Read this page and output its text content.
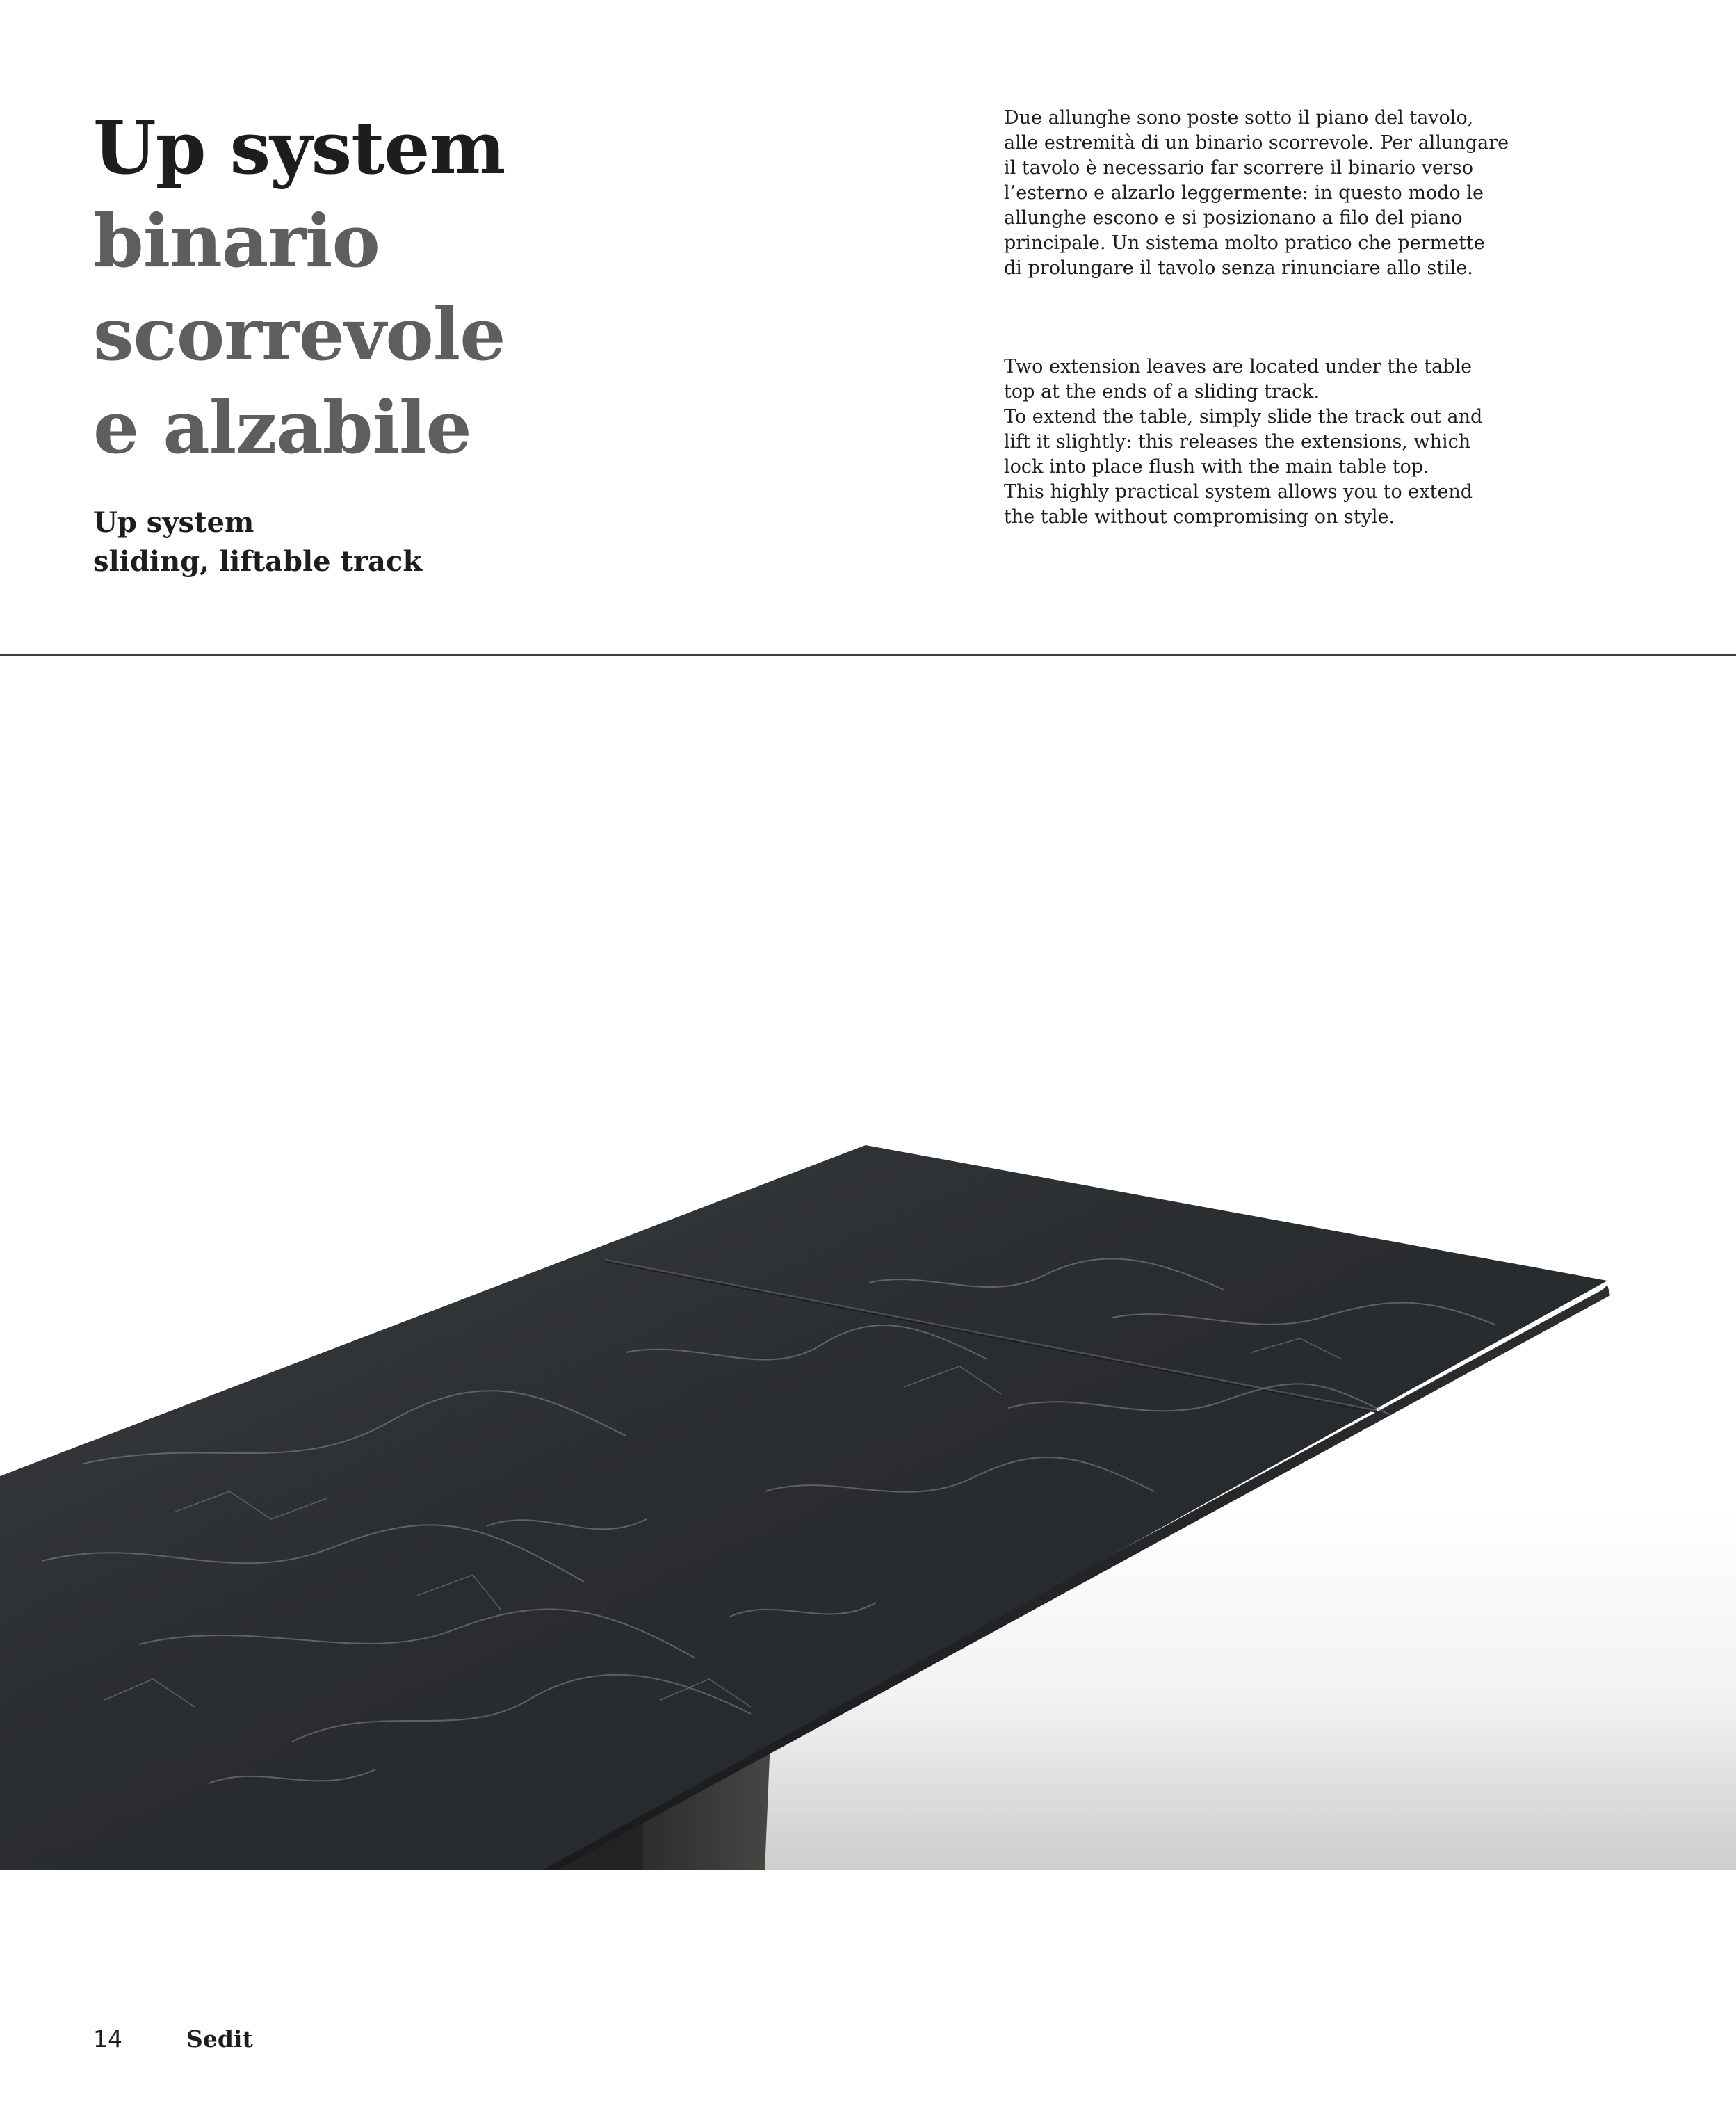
Up system
binario
scorrevole
e alzabile
Up system
sliding, liftable track
Due allunghe sono poste sotto il piano del tavolo,
alle estremità di un binario scorrevole. Per allungare
il tavolo è necessario far scorrere il binario verso
l’esterno e alzarlo leggermente: in questo modo le
allunghe escono e si posizionano a filo del piano
principale. Un sistema molto pratico che permette
di prolungare il tavolo senza rinunciare allo stile.
Two extension leaves are located under the table
top at the ends of a sliding track.
To extend the table, simply slide the track out and
lift it slightly: this releases the extensions, which
lock into place flush with the main table top.
This highly practical system allows you to extend
the table without compromising on style.
14	Sedit
